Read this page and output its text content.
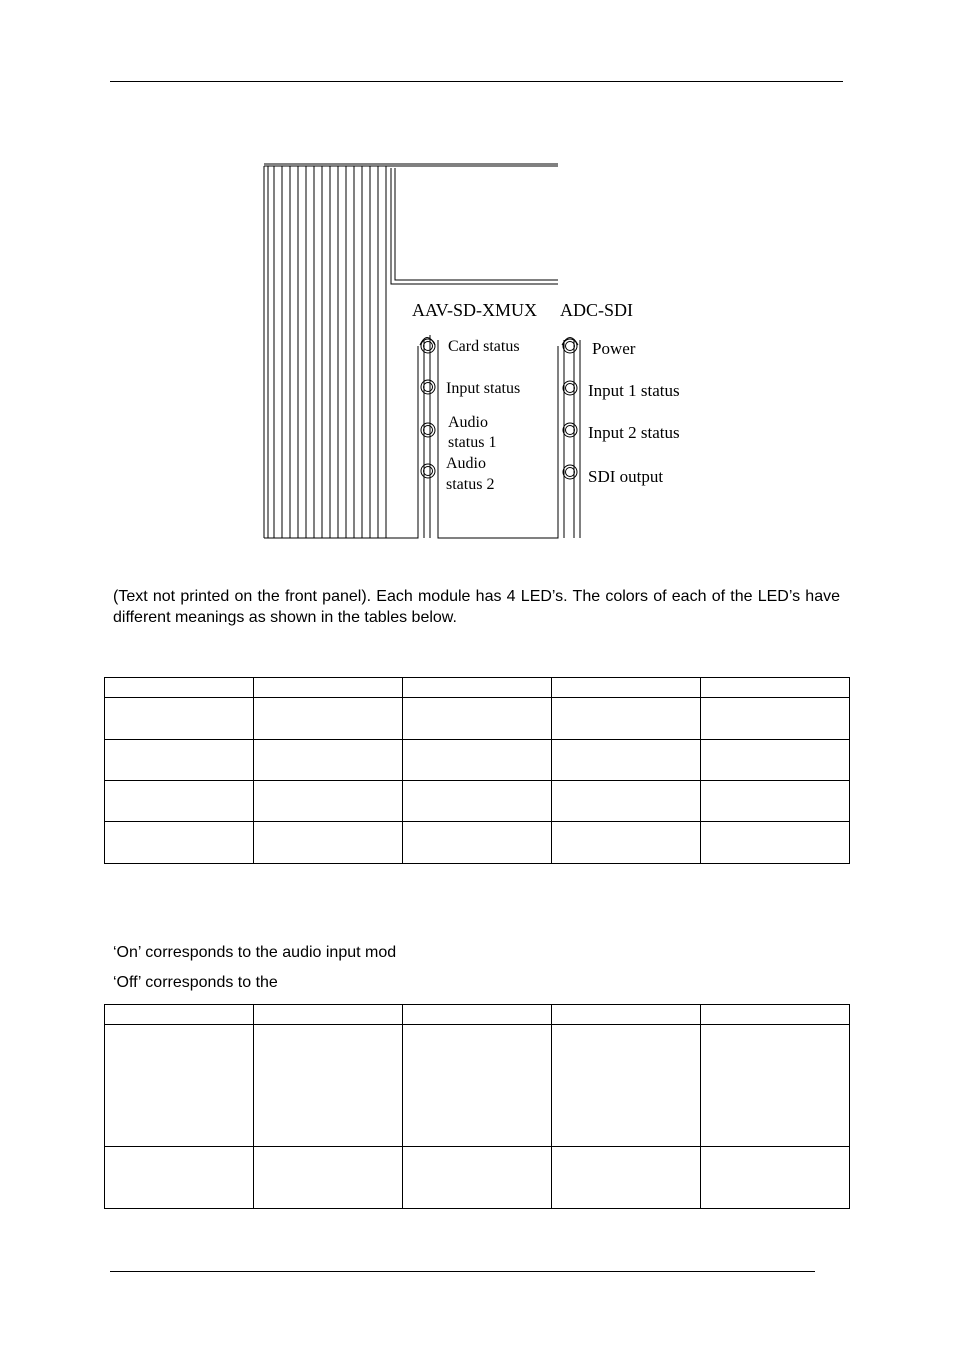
AAV-SD-XMUX ADC-SDI
Card status
Input status
Audio
status 1
Audio
status 2
Power
Input 1 status
Input 2 status
SDI output

(Text not printed on the front panel). Each module has 4 LED’s. The colors of each of the LED’s have different meanings as shown in the tables below.

‘On’ corresponds to the audio input mod

‘Off’ corresponds to the
